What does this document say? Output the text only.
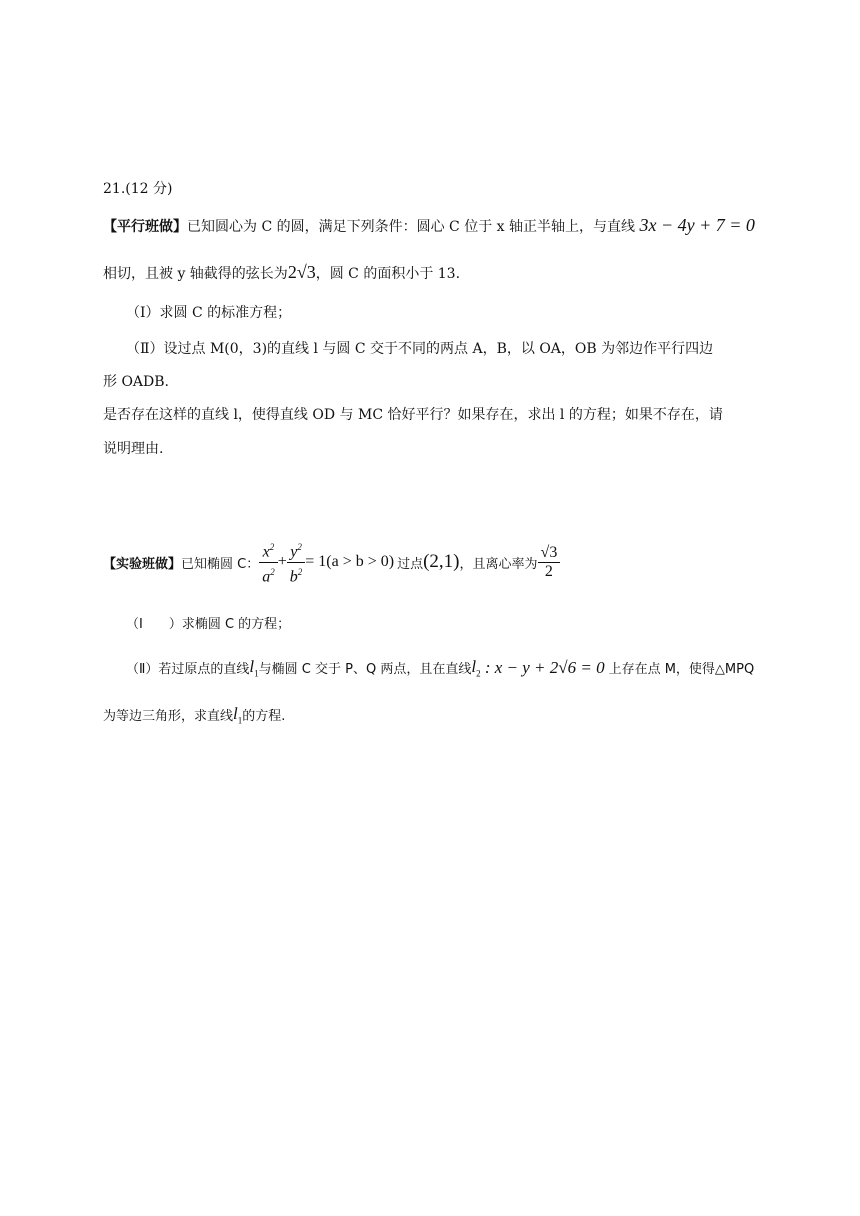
21.(12 分)
【平行班做】已知圆心为 C 的圆，满足下列条件：圆心 C 位于 x 轴正半轴上，与直线 3x − 4y + 7 = 0
相切，且被 y 轴截得的弦长为2√3，圆 C 的面积小于 13.
（Ⅰ）求圆 C 的标准方程；
（Ⅱ）设过点 M(0，3)的直线 l 与圆 C 交于不同的两点 A，B，以 OA，OB 为邻边作平行四边
形 OADB.
是否存在这样的直线 l，使得直线 OD 与 MC 恰好平行？如果存在，求出 l 的方程；如果不存在，请
说明理由.
【实验班做】 已知椭圆 C： $\frac{x^2}{a^2} + \frac{y^2}{b^2} = 1(a > b > 0)$ 过点 (2,1) ，且离心率为 $\frac{√3}{2}$
（Ⅰ　　）求椭圆 C 的方程；
（Ⅱ）若过原点的直线 $l_1$ 与椭圆 C 交于 P、Q 两点，且在直线 $l_2$ : x − y + 2√6 = 0 上存在点 M，使得△MPQ
为等边三角形，求直线 $l_1$ 的方程.
